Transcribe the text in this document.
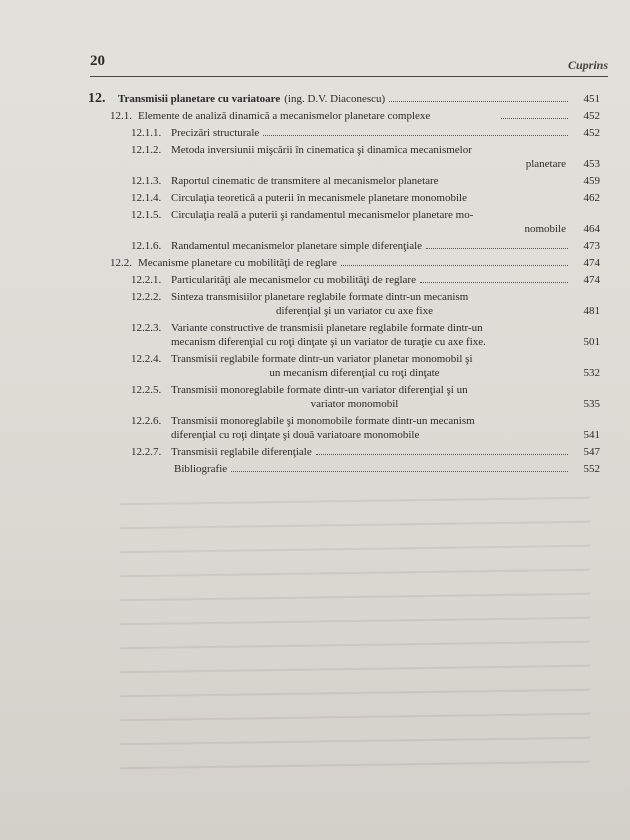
20	Cuprins
12.	Transmisii planetare cu variatoare (ing. D.V. Diaconescu)	451
12.1. Elemente de analiză dinamică a mecanismelor planetare complexe	452
12.1.1. Precizări structurale	452
12.1.2. Metoda inversiunii mişcării în cinematica şi dinamica mecanismelor
planetare	453
12.1.3. Raportul cinematic de transmitere al mecanismelor planetare	459
12.1.4. Circulaţia teoretică a puterii în mecanismele planetare monomobile	462
12.1.5. Circulaţia reală a puterii şi randamentul mecanismelor planetare mo-
nomobile	464
12.1.6. Randamentul mecanismelor planetare simple diferenţiale	473
12.2. Mecanisme planetare cu mobilităţi de reglare	474
12.2.1. Particularităţi ale mecanismelor cu mobilităţi de reglare	474
12.2.2. Sinteza transmisiilor planetare reglabile formate dintr-un mecanism
diferenţial şi un variator cu axe fixe	481
12.2.3. Variante constructive de transmisii planetare reglabile formate dintr-un
mecanism diferenţial cu roţi dinţate şi un variator de turaţie cu axe fixe.	501
12.2.4. Transmisii reglabile formate dintr-un variator planetar monomobil şi
un mecanism diferenţial cu roţi dinţate	532
12.2.5. Transmisii monoreglabile formate dintr-un variator diferenţial şi un
variator monomobil	535
12.2.6. Transmisii monoreglabile şi monomobile formate dintr-un mecanism
diferenţial cu roţi dinţate şi două variatoare monomobile	541
12.2.7. Transmisii reglabile diferenţiale	547
Bibliografie	552
